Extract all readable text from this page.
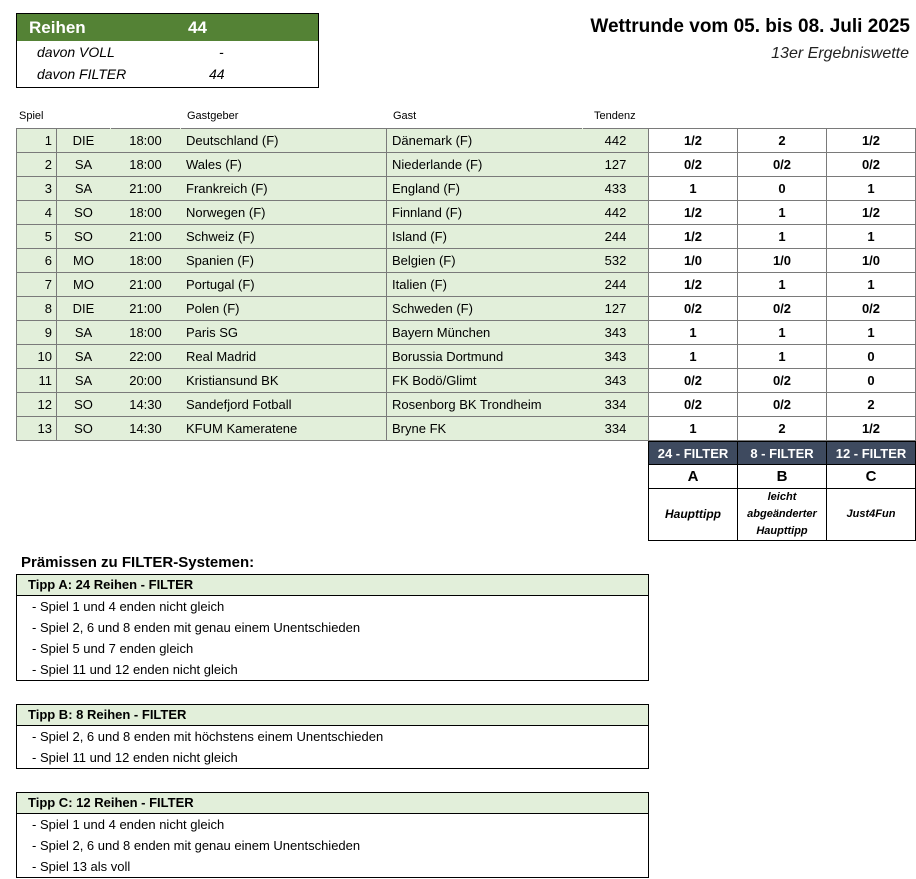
Reihen	44
davon VOLL	-
davon FILTER	44
Wettrunde vom 05. bis 08. Juli 2025
13er Ergebniswette
Spiel	Gastgeber	Gast	Tendenz
1	DIE	18:00	Deutschland (F)	Dänemark (F)	442	1/2	2	1/2
2	SA	18:00	Wales (F)	Niederlande (F)	127	0/2	0/2	0/2
3	SA	21:00	Frankreich (F)	England (F)	433	1	0	1
4	SO	18:00	Norwegen (F)	Finnland (F)	442	1/2	1	1/2
5	SO	21:00	Schweiz (F)	Island (F)	244	1/2	1	1
6	MO	18:00	Spanien (F)	Belgien (F)	532	1/0	1/0	1/0
7	MO	21:00	Portugal (F)	Italien (F)	244	1/2	1	1
8	DIE	21:00	Polen (F)	Schweden (F)	127	0/2	0/2	0/2
9	SA	18:00	Paris SG	Bayern München	343	1	1	1
10	SA	22:00	Real Madrid	Borussia Dortmund	343	1	1	0
11	SA	20:00	Kristiansund BK	FK Bodö/Glimt	343	0/2	0/2	0
12	SO	14:30	Sandefjord Fotball	Rosenborg BK Trondheim	334	0/2	0/2	2
13	SO	14:30	KFUM Kameratene	Bryne FK	334	1	2	1/2
24 - FILTER	8 - FILTER	12 - FILTER
A	B	C
Haupttipp	leicht abgeänderter Haupttipp	Just4Fun
Prämissen zu FILTER-Systemen:
Tipp A: 24 Reihen - FILTER
- Spiel 1 und 4 enden nicht gleich
- Spiel 2, 6 und 8 enden mit genau einem Unentschieden
- Spiel 5 und 7 enden gleich
- Spiel 11 und 12 enden nicht gleich
Tipp B: 8 Reihen - FILTER
- Spiel 2, 6 und 8 enden mit höchstens einem Unentschieden
- Spiel 11 und 12 enden nicht gleich
Tipp C: 12 Reihen - FILTER
- Spiel 1 und 4 enden nicht gleich
- Spiel 2, 6 und 8 enden mit genau einem Unentschieden
- Spiel 13 als voll
